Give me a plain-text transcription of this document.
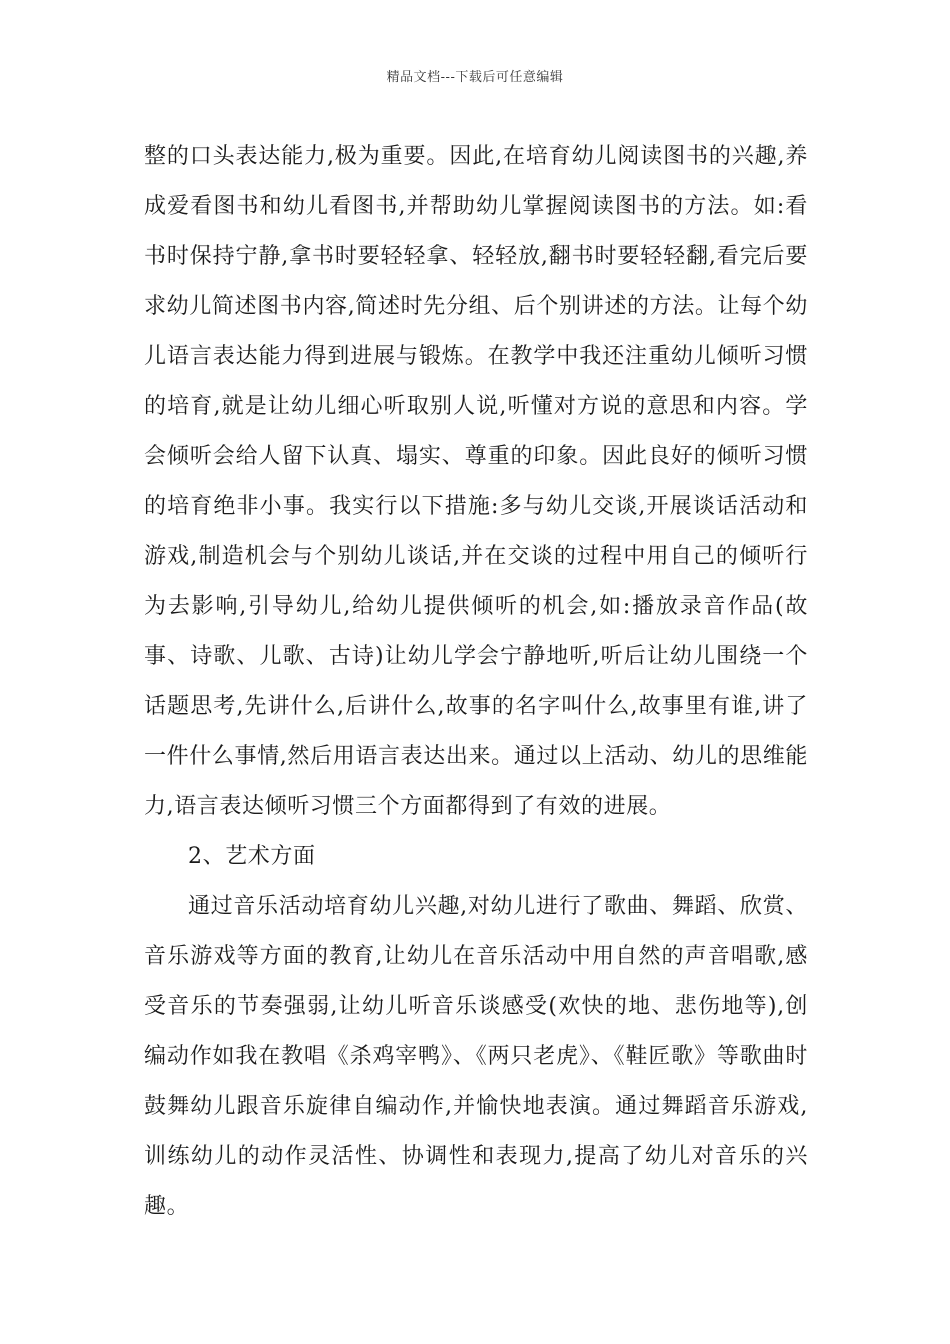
精品文档---下载后可任意编辑

整的口头表达能力,极为重要。因此,在培育幼儿阅读图书的兴趣,养成爱看图书和幼儿看图书,并帮助幼儿掌握阅读图书的方法。如:看书时保持宁静,拿书时要轻轻拿、轻轻放,翻书时要轻轻翻,看完后要求幼儿简述图书内容,简述时先分组、后个别讲述的方法。让每个幼儿语言表达能力得到进展与锻炼。在教学中我还注重幼儿倾听习惯的培育,就是让幼儿细心听取别人说,听懂对方说的意思和内容。学会倾听会给人留下认真、塌实、尊重的印象。因此良好的倾听习惯的培育绝非小事。我实行以下措施:多与幼儿交谈,开展谈话活动和游戏,制造机会与个别幼儿谈话,并在交谈的过程中用自己的倾听行为去影响,引导幼儿,给幼儿提供倾听的机会,如:播放录音作品(故事、诗歌、儿歌、古诗)让幼儿学会宁静地听,听后让幼儿围绕一个话题思考,先讲什么,后讲什么,故事的名字叫什么,故事里有谁,讲了一件什么事情,然后用语言表达出来。通过以上活动、幼儿的思维能力,语言表达倾听习惯三个方面都得到了有效的进展。

2、艺术方面

通过音乐活动培育幼儿兴趣,对幼儿进行了歌曲、舞蹈、欣赏、音乐游戏等方面的教育,让幼儿在音乐活动中用自然的声音唱歌,感受音乐的节奏强弱,让幼儿听音乐谈感受(欢快的地、悲伤地等),创编动作如我在教唱《杀鸡宰鸭》、《两只老虎》、《鞋匠歌》等歌曲时鼓舞幼儿跟音乐旋律自编动作,并愉快地表演。通过舞蹈音乐游戏,训练幼儿的动作灵活性、协调性和表现力,提高了幼儿对音乐的兴趣。
